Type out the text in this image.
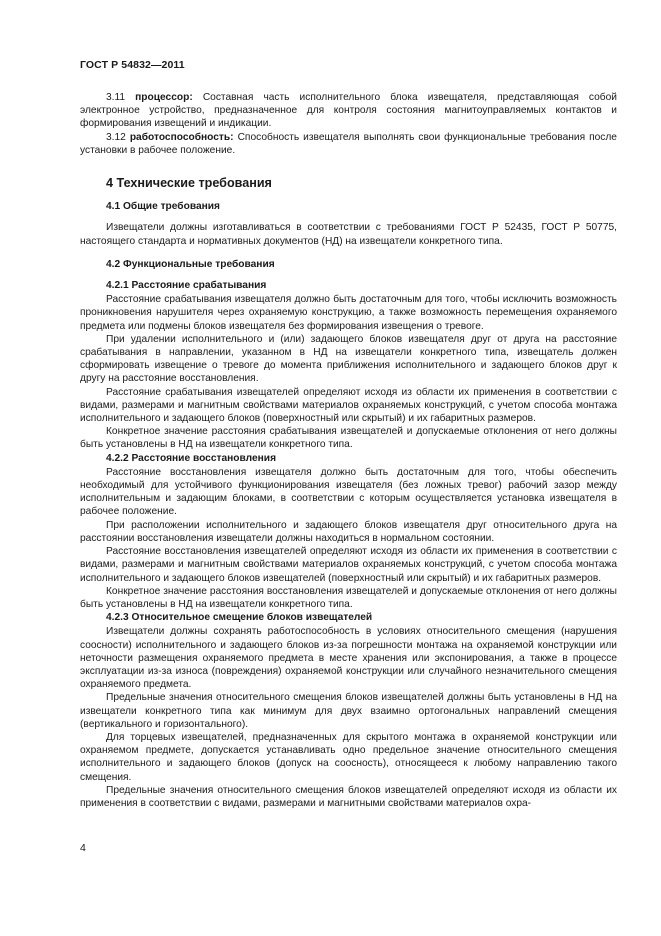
ГОСТ Р 54832—2011

3.11 процессор: Составная часть исполнительного блока извещателя, представляющая собой электронное устройство, предназначенное для контроля состояния магнитоуправляемых контактов и формирования извещений и индикации.

3.12 работоспособность: Способность извещателя выполнять свои функциональные требования после установки в рабочее положение.

4 Технические требования
4.1 Общие требования

Извещатели должны изготавливаться в соответствии с требованиями ГОСТ Р 52435, ГОСТ Р 50775, настоящего стандарта и нормативных документов (НД) на извещатели конкретного типа.

4.2 Функциональные требования
4.2.1 Расстояние срабатывания

Расстояние срабатывания извещателя должно быть достаточным для того, чтобы исключить возможность проникновения нарушителя через охраняемую конструкцию, а также возможность перемещения охраняемого предмета или подмены блоков извещателя без формирования извещения о тревоге.

При удалении исполнительного и (или) задающего блоков извещателя друг от друга на расстояние срабатывания в направлении, указанном в НД на извещатели конкретного типа, извещатель должен сформировать извещение о тревоге до момента приближения исполнительного и задающего блоков друг к другу на расстояние восстановления.

Расстояние срабатывания извещателей определяют исходя из области их применения в соответствии с видами, размерами и магнитным свойствами материалов охраняемых конструкций, с учетом способа монтажа исполнительного и задающего блоков (поверхностный или скрытый) и их габаритных размеров.

Конкретное значение расстояния срабатывания извещателей и допускаемые отклонения от него должны быть установлены в НД на извещатели конкретного типа.

4.2.2 Расстояние восстановления

Расстояние восстановления извещателя должно быть достаточным для того, чтобы обеспечить необходимый для устойчивого функционирования извещателя (без ложных тревог) рабочий зазор между исполнительным и задающим блоками, в соответствии с которым осуществляется установка извещателя в рабочее положение.

При расположении исполнительного и задающего блоков извещателя друг относительного друга на расстоянии восстановления извещатели должны находиться в нормальном состоянии.

Расстояние восстановления извещателей определяют исходя из области их применения в соответствии с видами, размерами и магнитным свойствами материалов охраняемых конструкций, с учетом способа монтажа исполнительного и задающего блоков извещателей (поверхностный или скрытый) и их габаритных размеров.

Конкретное значение расстояния восстановления извещателей и допускаемые отклонения от него должны быть установлены в НД на извещатели конкретного типа.

4.2.3 Относительное смещение блоков извещателей

Извещатели должны сохранять работоспособность в условиях относительного смещения (нарушения соосности) исполнительного и задающего блоков из-за погрешности монтажа на охраняемой конструкции или неточности размещения охраняемого предмета в месте хранения или экспонирования, а также в процессе эксплуатации из-за износа (повреждения) охраняемой конструкции или случайного незначительного смещения охраняемого предмета.

Предельные значения относительного смещения блоков извещателей должны быть установлены в НД на извещатели конкретного типа как минимум для двух взаимно ортогональных направлений смещения (вертикального и горизонтального).

Для торцевых извещателей, предназначенных для скрытого монтажа в охраняемой конструкции или охраняемом предмете, допускается устанавливать одно предельное значение относительного смещения исполнительного и задающего блоков (допуск на соосность), относящееся к любому направлению такого смещения.

Предельные значения относительного смещения блоков извещателей определяют исходя из области их применения в соответствии с видами, размерами и магнитными свойствами материалов охра-

4
